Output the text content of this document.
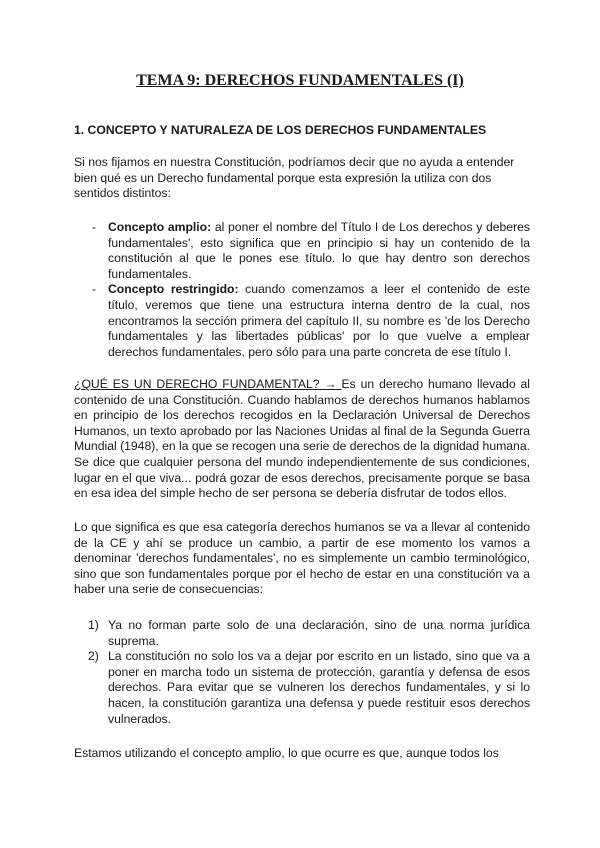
TEMA 9: DERECHOS FUNDAMENTALES (I)
1. CONCEPTO Y NATURALEZA DE LOS DERECHOS FUNDAMENTALES
Si nos fijamos en nuestra Constitución, podríamos decir que no ayuda a entender bien qué es un Derecho fundamental porque esta expresión la utiliza con dos sentidos distintos:
- Concepto amplio: al poner el nombre del Título I de Los derechos y deberes fundamentales', esto significa que en principio si hay un contenido de la constitución al que le pones ese título. lo que hay dentro son derechos fundamentales.
- Concepto restringido: cuando comenzamos a leer el contenido de este título, veremos que tiene una estructura interna dentro de la cual, nos encontramos la sección primera del capítulo II, su nombre es 'de los Derecho fundamentales y las libertades públicas' por lo que vuelve a emplear derechos fundamentales, pero sólo para una parte concreta de ese título I.
¿QUÉ ES UN DERECHO FUNDAMENTAL? → Es un derecho humano llevado al contenido de una Constitución. Cuando hablamos de derechos humanos hablamos en principio de los derechos recogidos en la Declaración Universal de Derechos Humanos, un texto aprobado por las Naciones Unidas al final de la Segunda Guerra Mundial (1948), en la que se recogen una serie de derechos de la dignidad humana. Se dice que cualquier persona del mundo independientemente de sus condiciones, lugar en el que viva... podrá gozar de esos derechos, precisamente porque se basa en esa idea del simple hecho de ser persona se debería disfrutar de todos ellos.
Lo que significa es que esa categoría derechos humanos se va a llevar al contenido de la CE y ahí se produce un cambio, a partir de ese momento los vamos a denominar 'derechos fundamentales', no es simplemente un cambio terminológico, sino que son fundamentales porque por el hecho de estar en una constitución va a haber una serie de consecuencias:
1) Ya no forman parte solo de una declaración, sino de una norma jurídica suprema.
2) La constitución no solo los va a dejar por escrito en un listado, sino que va a poner en marcha todo un sistema de protección, garantía y defensa de esos derechos. Para evitar que se vulneren los derechos fundamentales, y si lo hacen, la constitución garantiza una defensa y puede restituir esos derechos vulnerados.
Estamos utilizando el concepto amplio, lo que ocurre es que, aunque todos los
